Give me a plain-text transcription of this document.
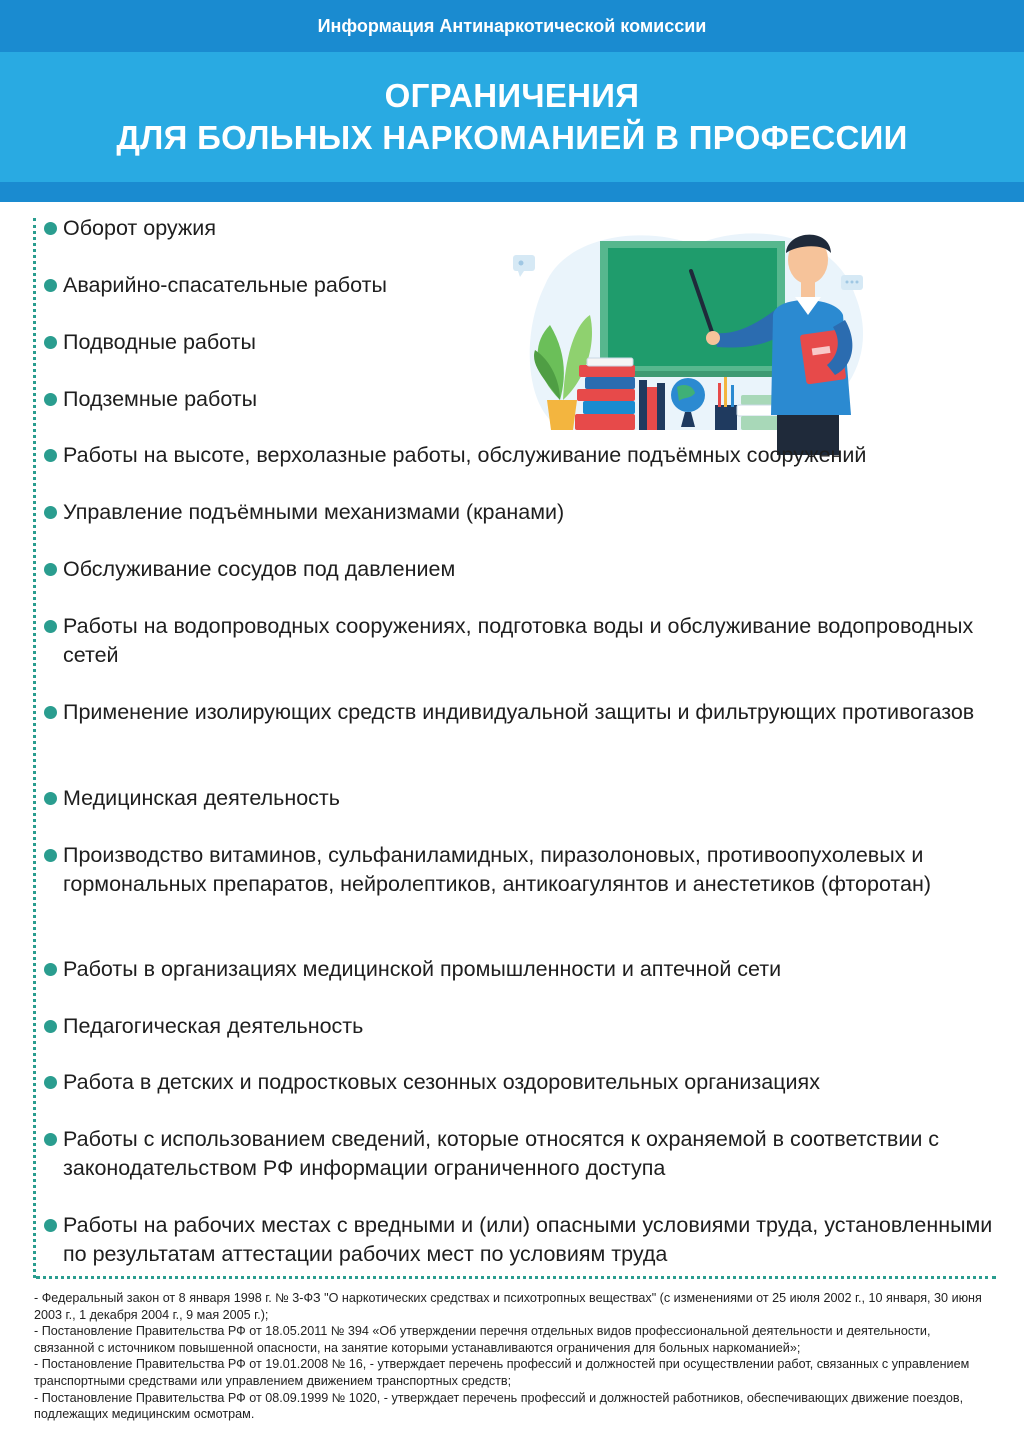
Информация Антинаркотической комиссии
ОГРАНИЧЕНИЯ
ДЛЯ БОЛЬНЫХ НАРКОМАНИЕЙ В ПРОФЕССИИ
Оборот оружия
Аварийно-спасательные работы
Подводные работы
Подземные работы
Работы на высоте, верхолазные работы, обслуживание подъёмных сооружений
Управление подъёмными механизмами (кранами)
Обслуживание сосудов под давлением
Работы на водопроводных сооружениях, подготовка воды и обслуживание водопроводных сетей
Применение изолирующих средств индивидуальной защиты и фильтрующих противогазов
Медицинская деятельность
Производство витаминов, сульфаниламидных, пиразолоновых, противоопухолевых и гормональных препаратов, нейролептиков, антикоагулянтов и анестетиков (фторотан)
Работы в организациях медицинской промышленности и аптечной сети
Педагогическая деятельность
Работа в детских и подростковых сезонных оздоровительных организациях
Работы с использованием сведений, которые относятся к охраняемой в соответствии с законодательством РФ информации ограниченного доступа
Работы на рабочих местах с вредными и (или) опасными условиями труда, установленными по результатам аттестации рабочих мест по условиям труда

- Федеральный закон от 8 января 1998 г. № 3-ФЗ "О наркотических средствах и психотропных веществах" (с изменениями от 25 июля 2002 г., 10 января, 30 июня 2003 г., 1 декабря 2004 г., 9 мая 2005 г.);

- Постановление Правительства РФ от 18.05.2011 № 394 «Об утверждении перечня отдельных видов профессиональной деятельности и деятельности, связанной с источником повышенной опасности, на занятие которыми устанавливаются ограничения для больных наркоманией»;

- Постановление Правительства РФ от 19.01.2008 № 16, - утверждает перечень профессий и должностей при осуществлении работ, связанных с управлением транспортными средствами или управлением движением транспортных средств;

- Постановление Правительства РФ от 08.09.1999 № 1020, - утверждает перечень профессий и должностей работников, обеспечивающих движение поездов, подлежащих медицинским осмотрам.
